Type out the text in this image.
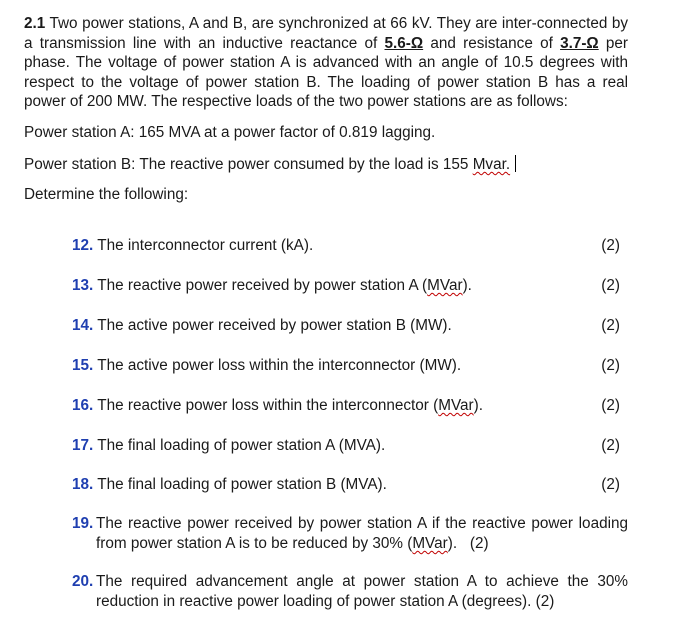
2.1 Two power stations, A and B, are synchronized at 66 kV. They are inter-connected by a transmission line with an inductive reactance of 5.6-Ω and resistance of 3.7-Ω per phase. The voltage of power station A is advanced with an angle of 10.5 degrees with respect to the voltage of power station B. The loading of power station B has a real power of 200 MW. The respective loads of the two power stations are as follows:
Power station A: 165 MVA at a power factor of 0.819 lagging.
Power station B: The reactive power consumed by the load is 155 Mvar.
Determine the following:
12. The interconnector current (kA).	(2)
13. The reactive power received by power station A (MVar).	(2)
14. The active power received by power station B (MW).	(2)
15. The active power loss within the interconnector (MW).	(2)
16. The reactive power loss within the interconnector (MVar).	(2)
17. The final loading of power station A (MVA).	(2)
18. The final loading of power station B (MVA).	(2)
19. The reactive power received by power station A if the reactive power loading from power station A is to be reduced by 30% (MVar). (2)
20. The required advancement angle at power station A to achieve the 30% reduction in reactive power loading of power station A (degrees). (2)
